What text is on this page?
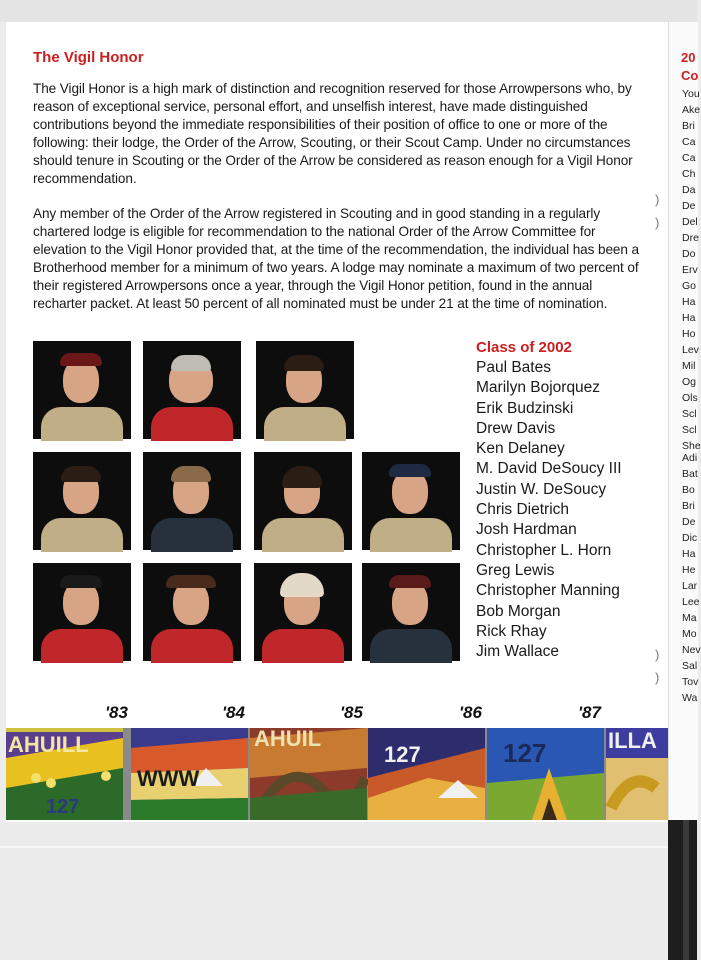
The Vigil Honor

The Vigil Honor is a high mark of distinction and recognition reserved for those Arrowpersons who, by reason of exceptional service, personal effort, and unselfish interest, have made distinguished contributions beyond the immediate responsibilities of their position of office to one or more of the following: their lodge, the Order of the Arrow, Scouting, or their Scout Camp. Under no circumstances should tenure in Scouting or the Order of the Arrow be considered as reason enough for a Vigil Honor recommendation.

Any member of the Order of the Arrow registered in Scouting and in good standing in a regularly chartered lodge is eligible for recommendation to the national Order of the Arrow Committee for elevation to the Vigil Honor provided that, at the time of the recommendation, the individual has been a Brotherhood member for a minimum of two years. A lodge may nominate a maximum of two percent of their registered Arrowpersons once a year, through the Vigil Honor petition, found in the annual recharter packet. At least 50 percent of all nominated must be under 21 at the time of nomination.

Class of 2002
Paul Bates
Marilyn Bojorquez
Erik Budzinski
Drew Davis
Ken Delaney
M. David DeSoucy III
Justin W. DeSoucy
Chris Dietrich
Josh Hardman
Christopher L. Horn
Greg Lewis
Christopher Manning
Bob Morgan
Rick Rhay
Jim Wallace
'83	'84	'85	'86	'87
AHUILL
127
WWW
AHUIL
127	127	ILLA
20
Co
You
Ake
Bri
Ca
Ca
Ch
Da
De
Del
Dre
Do
Erv
Go
Ha
Ha
Ho
Lev
Mil
Og
Ols
Scl
Scl
She
Adi
Bat
Bo
Bri
De
Dic
Ha
He
Lar
Lee
Ma
Mo
Nev
Sal
Tov
Wa
)
)
)
)
